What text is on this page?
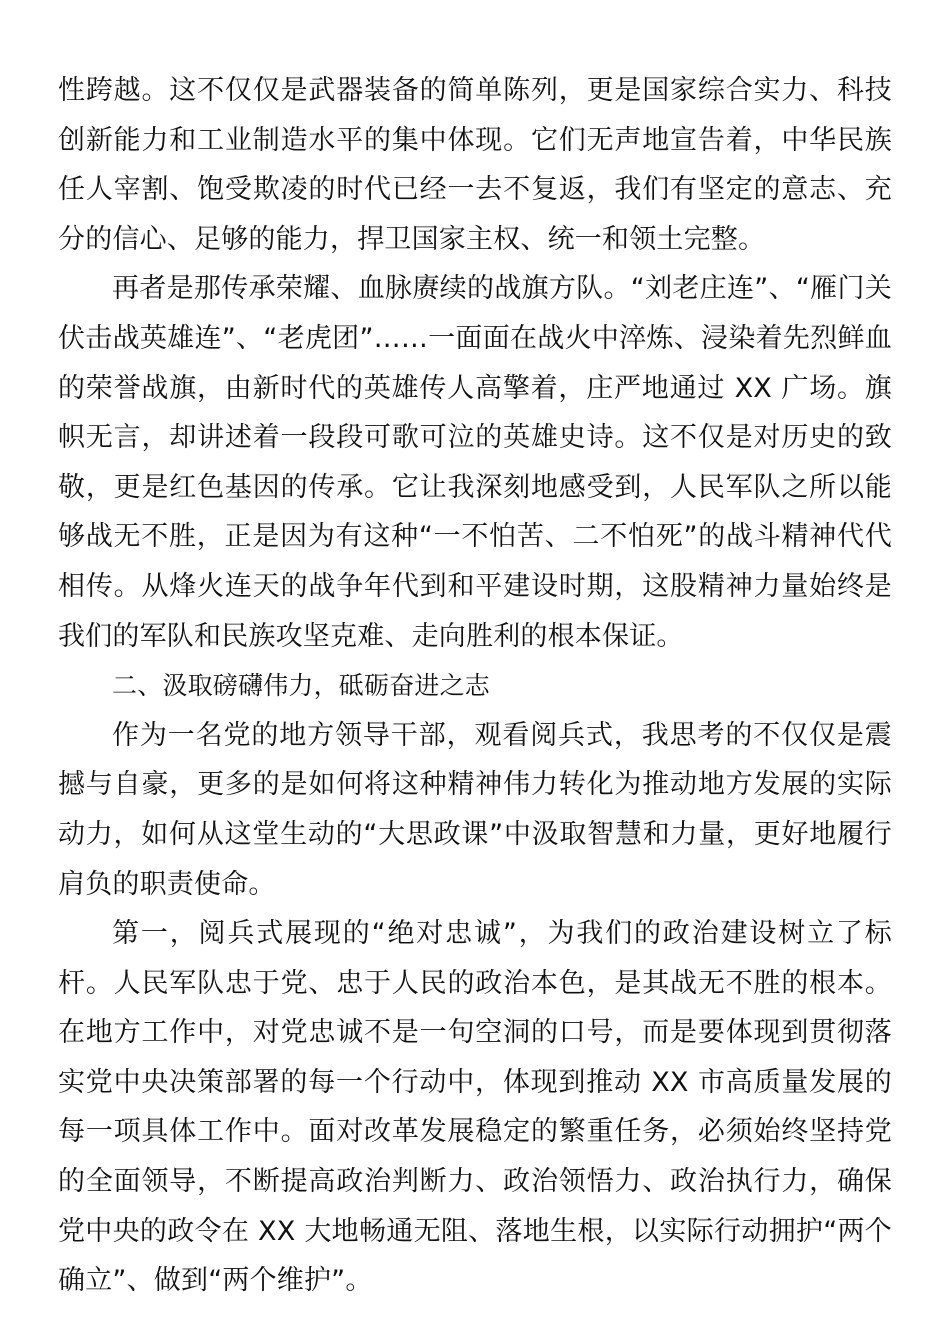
性跨越。这不仅仅是武器装备的简单陈列，更是国家综合实力、科技创新能力和工业制造水平的集中体现。它们无声地宣告着，中华民族任人宰割、饱受欺凌的时代已经一去不复返，我们有坚定的意志、充分的信心、足够的能力，捍卫国家主权、统一和领土完整。

再者是那传承荣耀、血脉赓续的战旗方队。“刘老庄连”、“雁门关伏击战英雄连”、“老虎团”……一面面在战火中淬炼、浸染着先烈鲜血的荣誉战旗，由新时代的英雄传人高擎着，庄严地通过 XX 广场。旗帜无言，却讲述着一段段可歌可泣的英雄史诗。这不仅是对历史的致敬，更是红色基因的传承。它让我深刻地感受到，人民军队之所以能够战无不胜，正是因为有这种“一不怕苦、二不怕死”的战斗精神代代相传。从烽火连天的战争年代到和平建设时期，这股精神力量始终是我们的军队和民族攻坚克难、走向胜利的根本保证。

二、汲取磅礴伟力，砥砺奋进之志

作为一名党的地方领导干部，观看阅兵式，我思考的不仅仅是震撼与自豪，更多的是如何将这种精神伟力转化为推动地方发展的实际动力，如何从这堂生动的“大思政课”中汲取智慧和力量，更好地履行肩负的职责使命。

第一，阅兵式展现的“绝对忠诚”，为我们的政治建设树立了标杆。人民军队忠于党、忠于人民的政治本色，是其战无不胜的根本。在地方工作中，对党忠诚不是一句空洞的口号，而是要体现到贯彻落实党中央决策部署的每一个行动中，体现到推动 XX 市高质量发展的每一项具体工作中。面对改革发展稳定的繁重任务，必须始终坚持党的全面领导，不断提高政治判断力、政治领悟力、政治执行力，确保党中央的政令在 XX 大地畅通无阻、落地生根，以实际行动拥护“两个确立”、做到“两个维护”。
